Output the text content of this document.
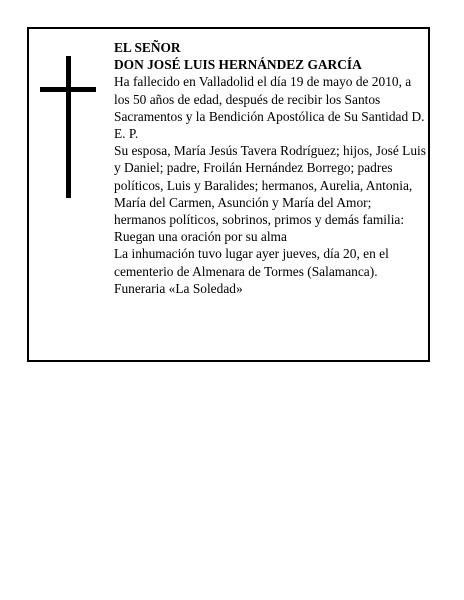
EL SEÑOR
DON JOSÉ LUIS HERNÁNDEZ GARCÍA
Ha fallecido en Valladolid el día 19 de mayo de 2010, a los 50 años de edad, después de recibir los Santos Sacramentos y la Bendición Apostólica de Su Santidad D. E. P.
Su esposa, María Jesús Tavera Rodríguez; hijos, José Luis y Daniel; padre, Froilán Hernández Borrego; padres políticos, Luis y Baralides; hermanos, Aurelia, Antonia, María del Carmen, Asunción y María del Amor; hermanos políticos, sobrinos, primos y demás familia:
Ruegan una oración por su alma
La inhumación tuvo lugar ayer jueves, día 20, en el cementerio de Almenara de Tormes (Salamanca).
Funeraria «La Soledad»
